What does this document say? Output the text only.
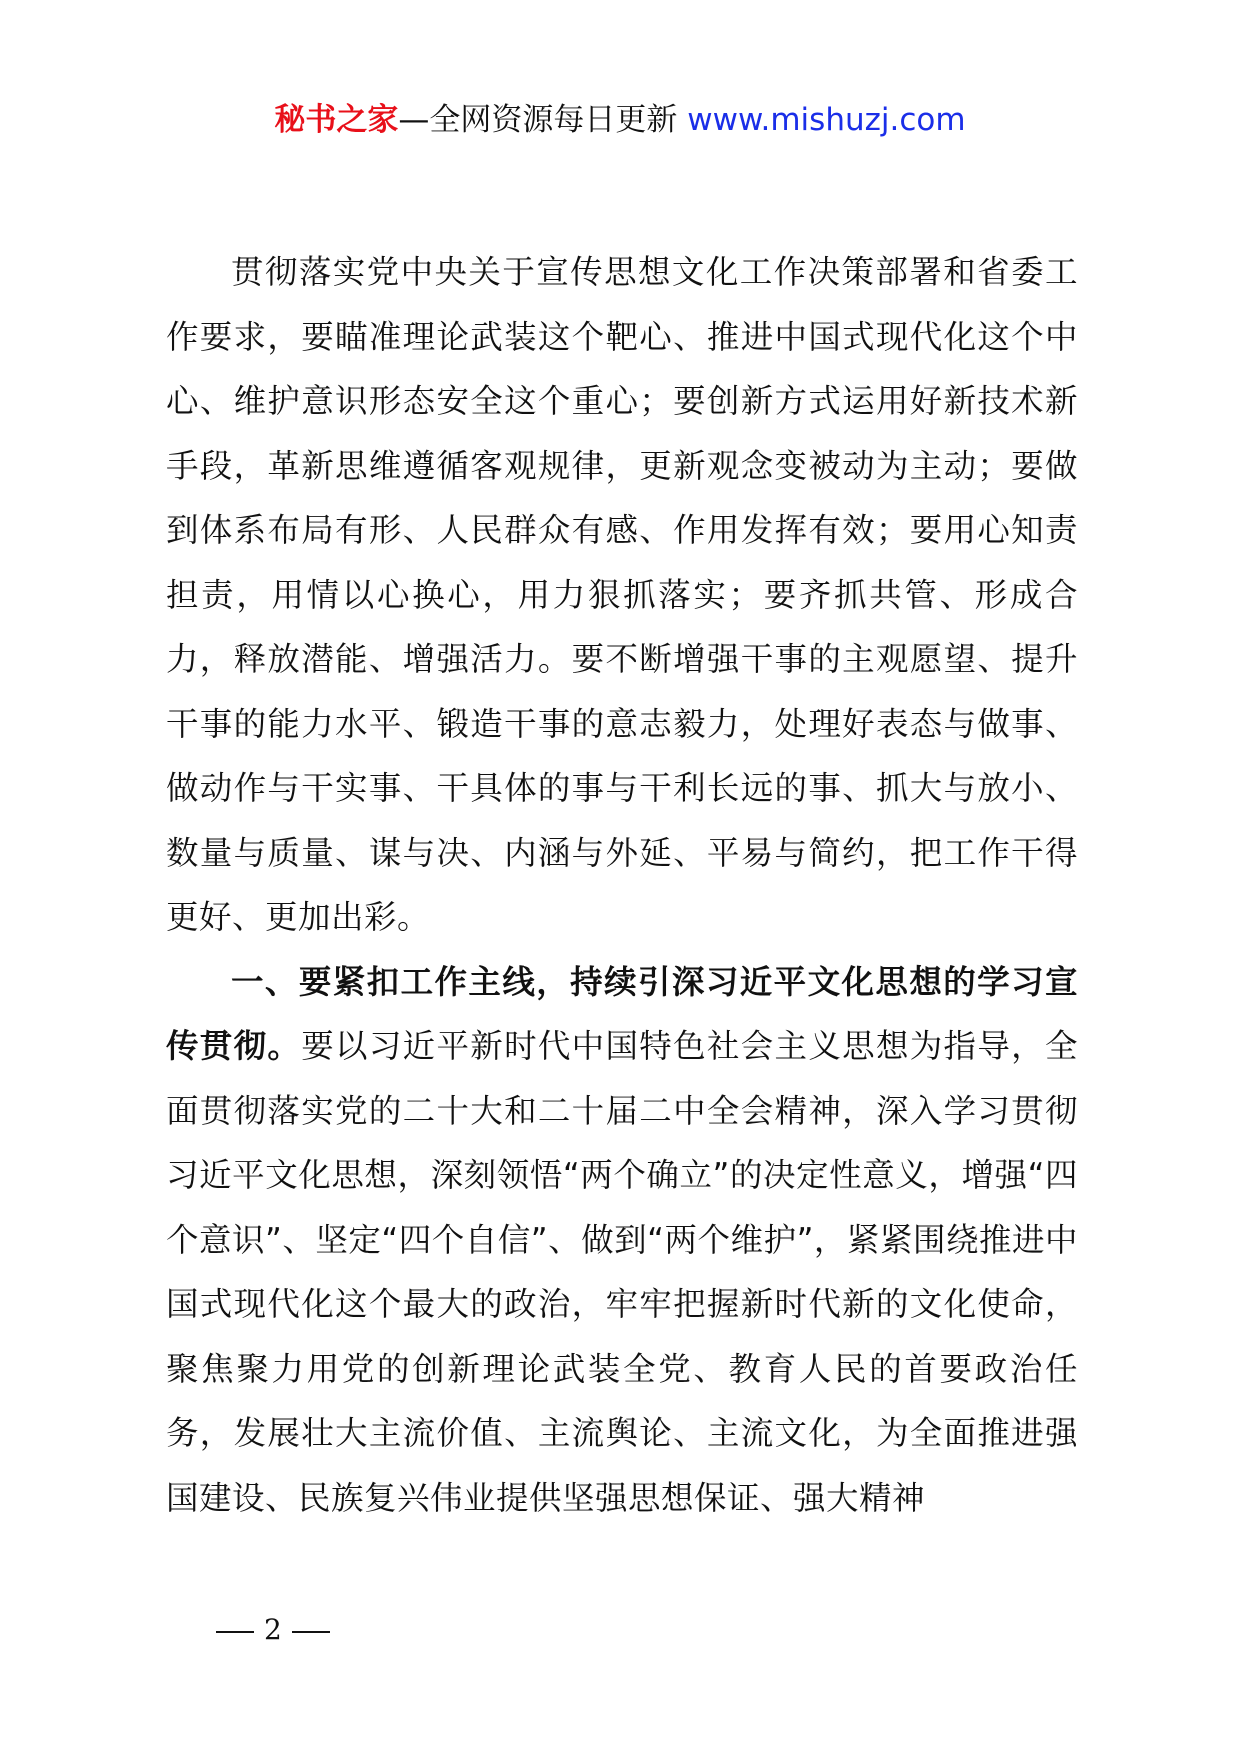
秘书之家—全网资源每日更新 www.mishuzj.com

贯彻落实党中央关于宣传思想文化工作决策部署和省委工作要求，要瞄准理论武装这个靶心、推进中国式现代化这个中心、维护意识形态安全这个重心；要创新方式运用好新技术新手段，革新思维遵循客观规律，更新观念变被动为主动；要做到体系布局有形、人民群众有感、作用发挥有效；要用心知责担责，用情以心换心，用力狠抓落实；要齐抓共管、形成合力，释放潜能、增强活力。要不断增强干事的主观愿望、提升干事的能力水平、锻造干事的意志毅力，处理好表态与做事、做动作与干实事、干具体的事与干利长远的事、抓大与放小、数量与质量、谋与决、内涵与外延、平易与简约，把工作干得更好、更加出彩。

一、要紧扣工作主线，持续引深习近平文化思想的学习宣传贯彻。要以习近平新时代中国特色社会主义思想为指导，全面贯彻落实党的二十大和二十届二中全会精神，深入学习贯彻习近平文化思想，深刻领悟“两个确立”的决定性意义，增强“四个意识”、坚定“四个自信”、做到“两个维护”，紧紧围绕推进中国式现代化这个最大的政治，牢牢把握新时代新的文化使命，聚焦聚力用党的创新理论武装全党、教育人民的首要政治任务，发展壮大主流价值、主流舆论、主流文化，为全面推进强国建设、民族复兴伟业提供坚强思想保证、强大精神

2
